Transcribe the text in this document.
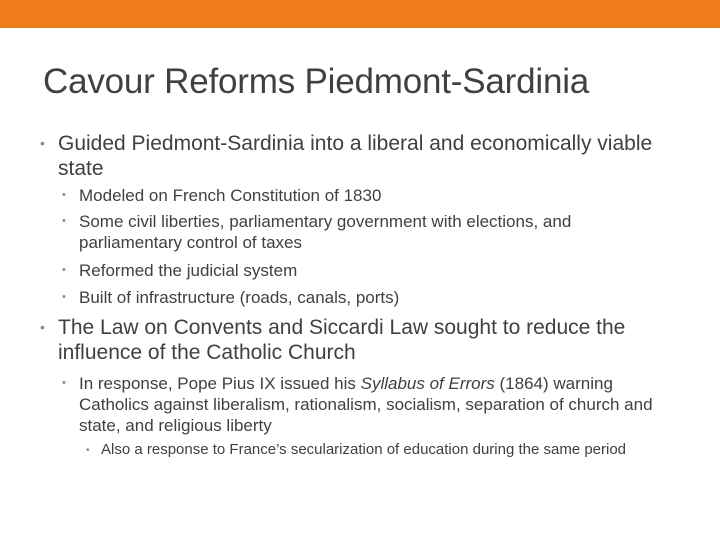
Cavour Reforms Piedmont-Sardinia
• Guided Piedmont-Sardinia into a liberal and economically viable state
• Modeled on French Constitution of 1830
• Some civil liberties, parliamentary government with elections, and parliamentary control of taxes
• Reformed the judicial system
• Built of infrastructure (roads, canals, ports)
• The Law on Convents and Siccardi Law sought to reduce the influence of the Catholic Church
• In response, Pope Pius IX issued his Syllabus of Errors (1864) warning Catholics against liberalism, rationalism, socialism, separation of church and state, and religious liberty
• Also a response to France’s secularization of education during the same period
